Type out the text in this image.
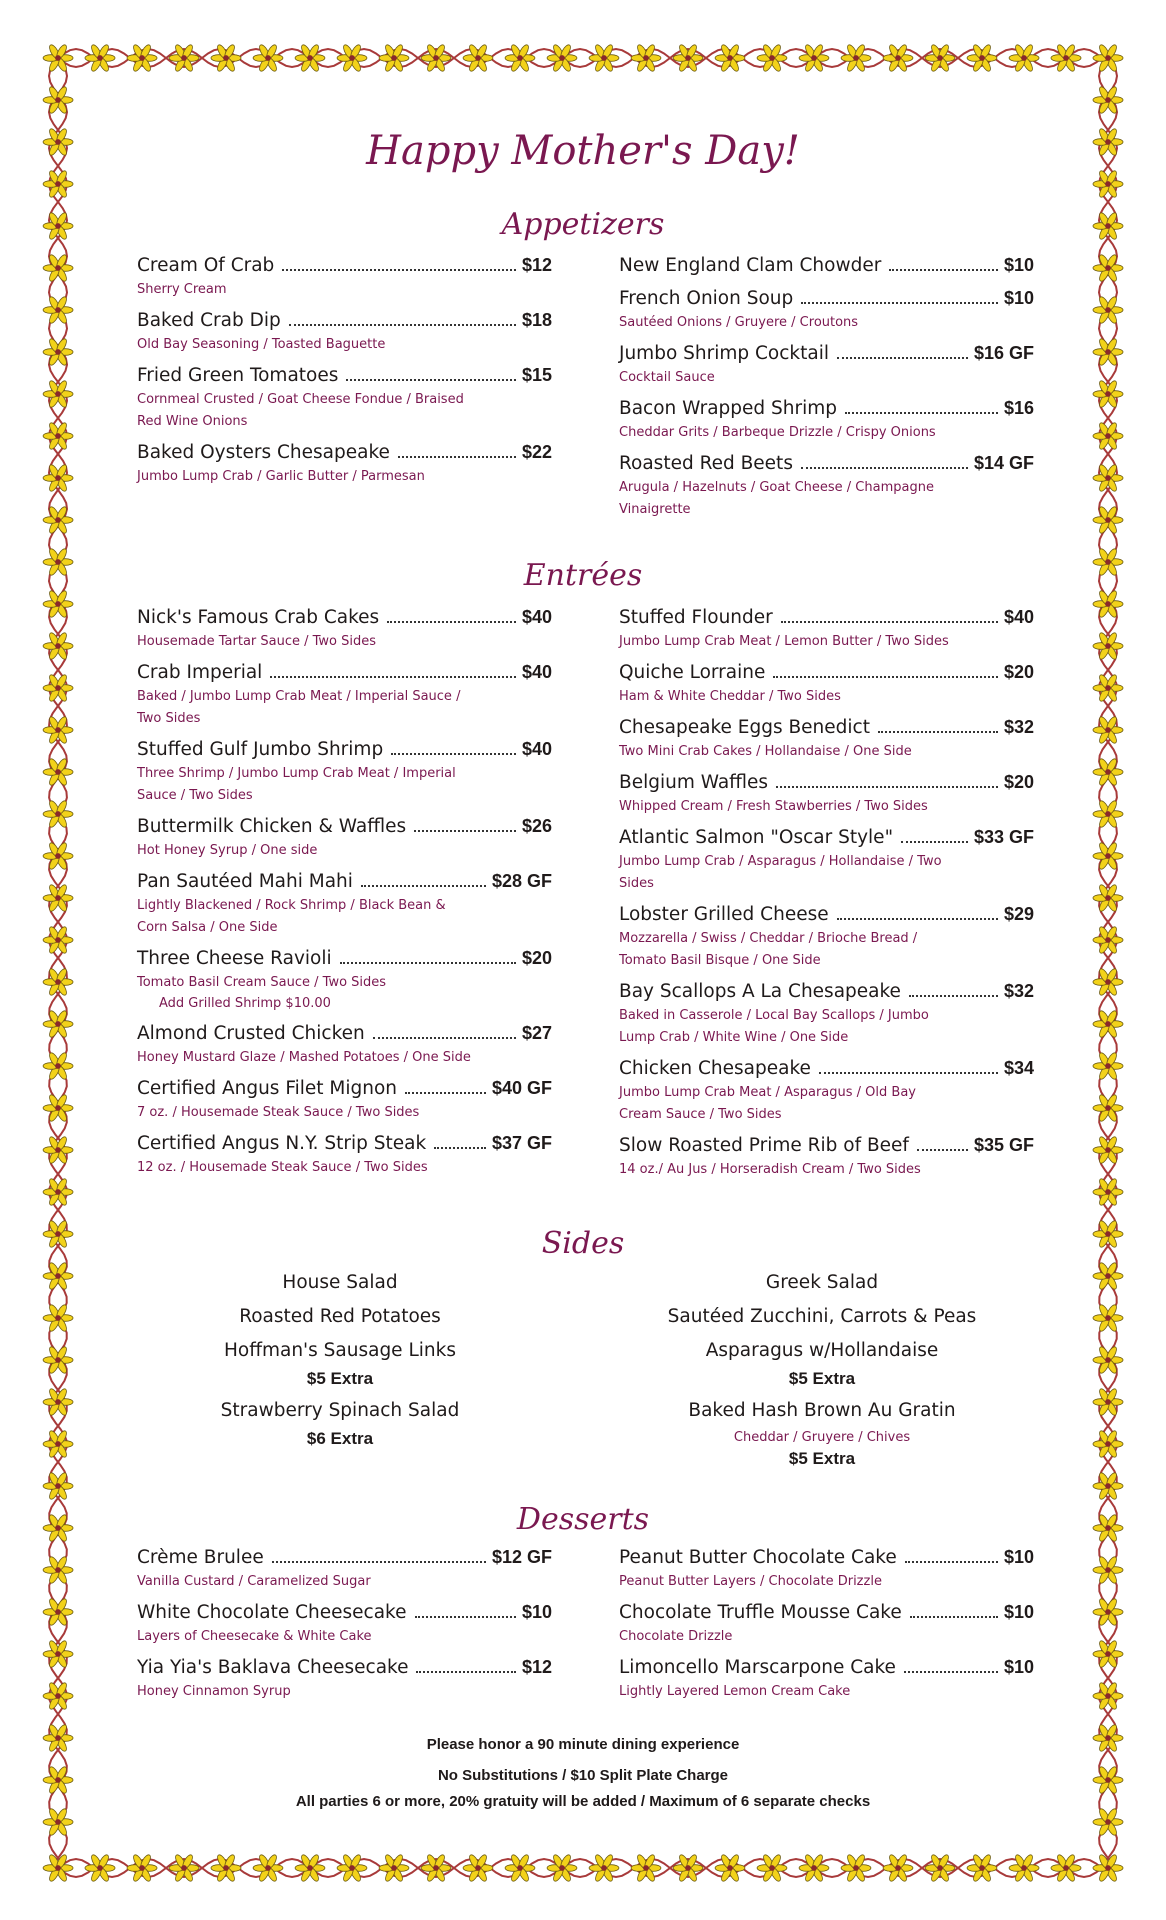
Happy Mother's Day!
Appetizers
Cream Of Crab	$12
Sherry Cream
Baked Crab Dip	$18
Old Bay Seasoning / Toasted Baguette
Fried Green Tomatoes	$15
Cornmeal Crusted / Goat Cheese Fondue / Braised
Red Wine Onions
Baked Oysters Chesapeake	$22
Jumbo Lump Crab / Garlic Butter / Parmesan
New England Clam Chowder	$10
French Onion Soup	$10
Sautéed Onions / Gruyere / Croutons
Jumbo Shrimp Cocktail	$16 GF
Cocktail Sauce
Bacon Wrapped Shrimp	$16
Cheddar Grits / Barbeque Drizzle / Crispy Onions
Roasted Red Beets	$14 GF
Arugula / Hazelnuts / Goat Cheese / Champagne
Vinaigrette
Entrées
Nick's Famous Crab Cakes	$40
Housemade Tartar Sauce / Two Sides
Crab Imperial	$40
Baked / Jumbo Lump Crab Meat / Imperial Sauce /
Two Sides
Stuffed Gulf Jumbo Shrimp	$40
Three Shrimp / Jumbo Lump Crab Meat / Imperial
Sauce / Two Sides
Buttermilk Chicken & Waffles	$26
Hot Honey Syrup / One side
Pan Sautéed Mahi Mahi	$28 GF
Lightly Blackened / Rock Shrimp / Black Bean &
Corn Salsa / One Side
Three Cheese Ravioli	$20
Tomato Basil Cream Sauce / Two Sides
Add Grilled Shrimp $10.00
Almond Crusted Chicken	$27
Honey Mustard Glaze / Mashed Potatoes / One Side
Certified Angus Filet Mignon	$40 GF
7 oz. / Housemade Steak Sauce / Two Sides
Certified Angus N.Y. Strip Steak	$37 GF
12 oz. / Housemade Steak Sauce / Two Sides
Stuffed Flounder	$40
Jumbo Lump Crab Meat / Lemon Butter / Two Sides
Quiche Lorraine	$20
Ham & White Cheddar / Two Sides
Chesapeake Eggs Benedict	$32
Two Mini Crab Cakes / Hollandaise / One Side
Belgium Waffles	$20
Whipped Cream / Fresh Stawberries / Two Sides
Atlantic Salmon "Oscar Style"	$33 GF
Jumbo Lump Crab / Asparagus / Hollandaise / Two
Sides
Lobster Grilled Cheese	$29
Mozzarella / Swiss / Cheddar / Brioche Bread /
Tomato Basil Bisque / One Side
Bay Scallops A La Chesapeake	$32
Baked in Casserole / Local Bay Scallops / Jumbo
Lump Crab / White Wine / One Side
Chicken Chesapeake	$34
Jumbo Lump Crab Meat / Asparagus / Old Bay
Cream Sauce / Two Sides
Slow Roasted Prime Rib of Beef	$35 GF
14 oz./ Au Jus / Horseradish Cream / Two Sides
Sides
House Salad
Roasted Red Potatoes
Hoffman's Sausage Links
$5 Extra
Strawberry Spinach Salad
$6 Extra
Greek Salad
Sautéed Zucchini, Carrots & Peas
Asparagus w/Hollandaise
$5 Extra
Baked Hash Brown Au Gratin
Cheddar / Gruyere / Chives
$5 Extra
Desserts
Crème Brulee	$12 GF
Vanilla Custard / Caramelized Sugar
White Chocolate Cheesecake	$10
Layers of Cheesecake & White Cake
Yia Yia's Baklava Cheesecake	$12
Honey Cinnamon Syrup
Peanut Butter Chocolate Cake	$10
Peanut Butter Layers / Chocolate Drizzle
Chocolate Truffle Mousse Cake	$10
Chocolate Drizzle
Limoncello Marscarpone Cake	$10
Lightly Layered Lemon Cream Cake
Please honor a 90 minute dining experience
No Substitutions / $10 Split Plate Charge
All parties 6 or more, 20% gratuity will be added / Maximum of 6 separate checks
